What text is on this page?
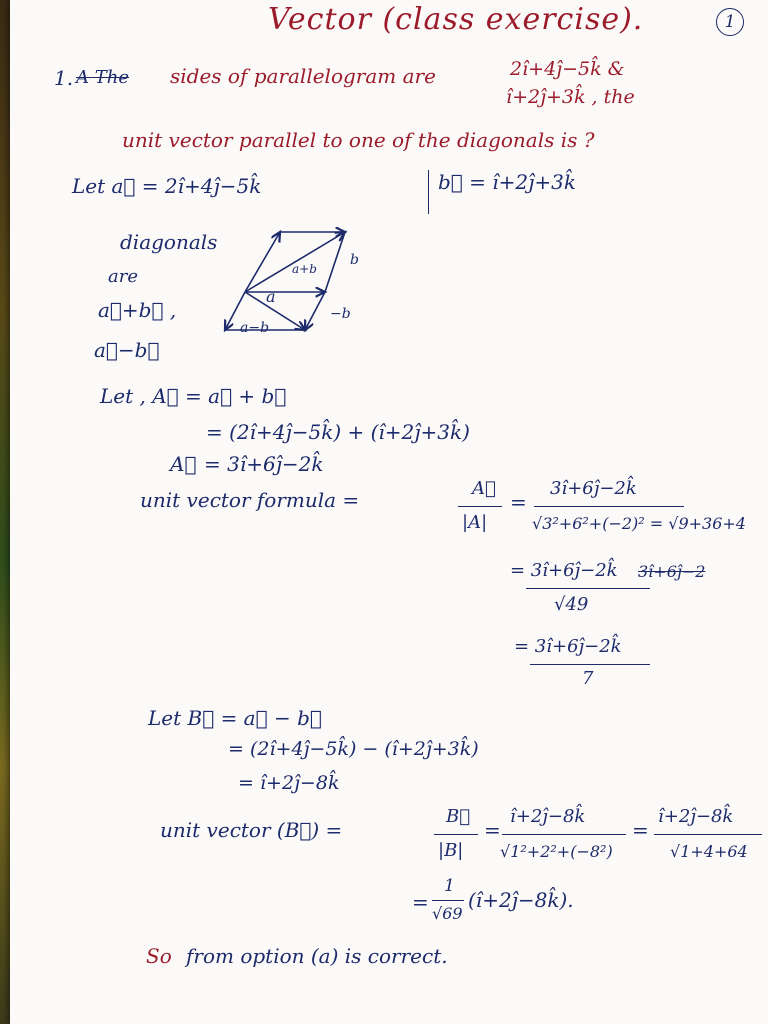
Vector (class exercise).	1
1. A The sides of parallelogram are	2î+4ĵ−5k̂ &
î+2ĵ+3k̂ , the
unit vector parallel to one of the diagonals is ?
Let a⃗ = 2î+4ĵ−5k̂	b⃗ = î+2ĵ+3k̂
diagonals
are
a⃗+b⃗ ,
a⃗−b⃗
a+b
b
a
−b
a−b
Let , A⃗ = a⃗ + b⃗
= (2î+4ĵ−5k̂) + (î+2ĵ+3k̂)
A⃗ = 3î+6ĵ−2k̂
unit vector formula =	A⃗
|A|
=
3î+6ĵ−2k̂
√3²+6²+(−2)² = √9+36+4
= 3î+6ĵ−2k̂ 3î+6ĵ−2
√49
= 3î+6ĵ−2k̂
7
Let B⃗ = a⃗ − b⃗
= (2î+4ĵ−5k̂) − (î+2ĵ+3k̂)
= î+2ĵ−8k̂
unit vector (B⃗) =
B⃗
|B|
=
î+2ĵ−8k̂
√1²+2²+(−8²)
=
î+2ĵ−8k̂
√1+4+64
=
1
√69
(î+2ĵ−8k̂).
So from option (a) is correct.
